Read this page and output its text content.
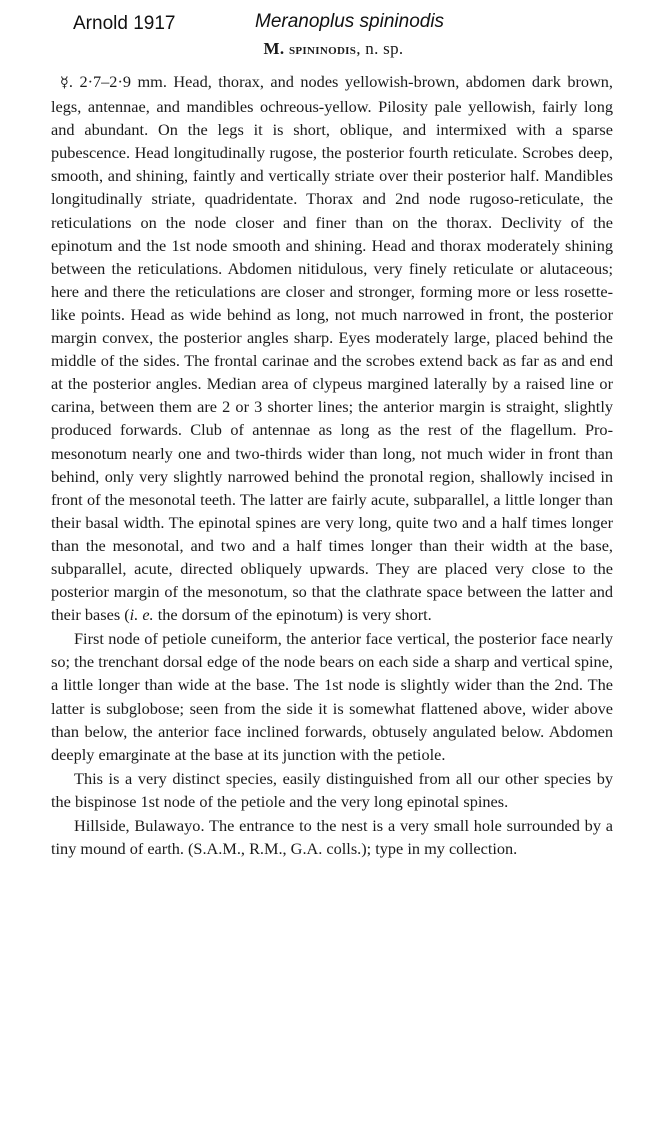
Arnold 1917	Meranoplus spininodis
M. spininodis, n. sp.

☿. 2·7–2·9 mm. Head, thorax, and nodes yellowish-brown, abdomen dark brown, legs, antennae, and mandibles ochreous-yellow. Pilosity pale yellowish, fairly long and abundant. On the legs it is short, oblique, and intermixed with a sparse pubescence. Head longitudinally rugose, the posterior fourth reticulate. Scrobes deep, smooth, and shining, faintly and vertically striate over their posterior half. Mandibles longitudinally striate, quadridentate. Thorax and 2nd node rugoso-reticulate, the reticulations on the node closer and finer than on the thorax. Declivity of the epinotum and the 1st node smooth and shining. Head and thorax moderately shining between the reticulations. Abdomen nitidulous, very finely reticulate or alutaceous; here and there the reticulations are closer and stronger, forming more or less rosette-like points. Head as wide behind as long, not much narrowed in front, the posterior margin convex, the posterior angles sharp. Eyes moderately large, placed behind the middle of the sides. The frontal carinae and the scrobes extend back as far as and end at the posterior angles. Median area of clypeus margined laterally by a raised line or carina, between them are 2 or 3 shorter lines; the anterior margin is straight, slightly produced forwards. Club of antennae as long as the rest of the flagellum. Pro-mesonotum nearly one and two-thirds wider than long, not much wider in front than behind, only very slightly narrowed behind the pronotal region, shallowly incised in front of the mesonotal teeth. The latter are fairly acute, subparallel, a little longer than their basal width. The epinotal spines are very long, quite two and a half times longer than the mesonotal, and two and a half times longer than their width at the base, subparallel, acute, directed obliquely upwards. They are placed very close to the posterior margin of the mesonotum, so that the clathrate space between the latter and their bases (i. e. the dorsum of the epinotum) is very short.

First node of petiole cuneiform, the anterior face vertical, the posterior face nearly so; the trenchant dorsal edge of the node bears on each side a sharp and vertical spine, a little longer than wide at the base. The 1st node is slightly wider than the 2nd. The latter is subglobose; seen from the side it is somewhat flattened above, wider above than below, the anterior face inclined forwards, obtusely angulated below. Abdomen deeply emarginate at the base at its junction with the petiole.

This is a very distinct species, easily distinguished from all our other species by the bispinose 1st node of the petiole and the very long epinotal spines.

Hillside, Bulawayo. The entrance to the nest is a very small hole surrounded by a tiny mound of earth. (S.A.M., R.M., G.A. colls.); type in my collection.
